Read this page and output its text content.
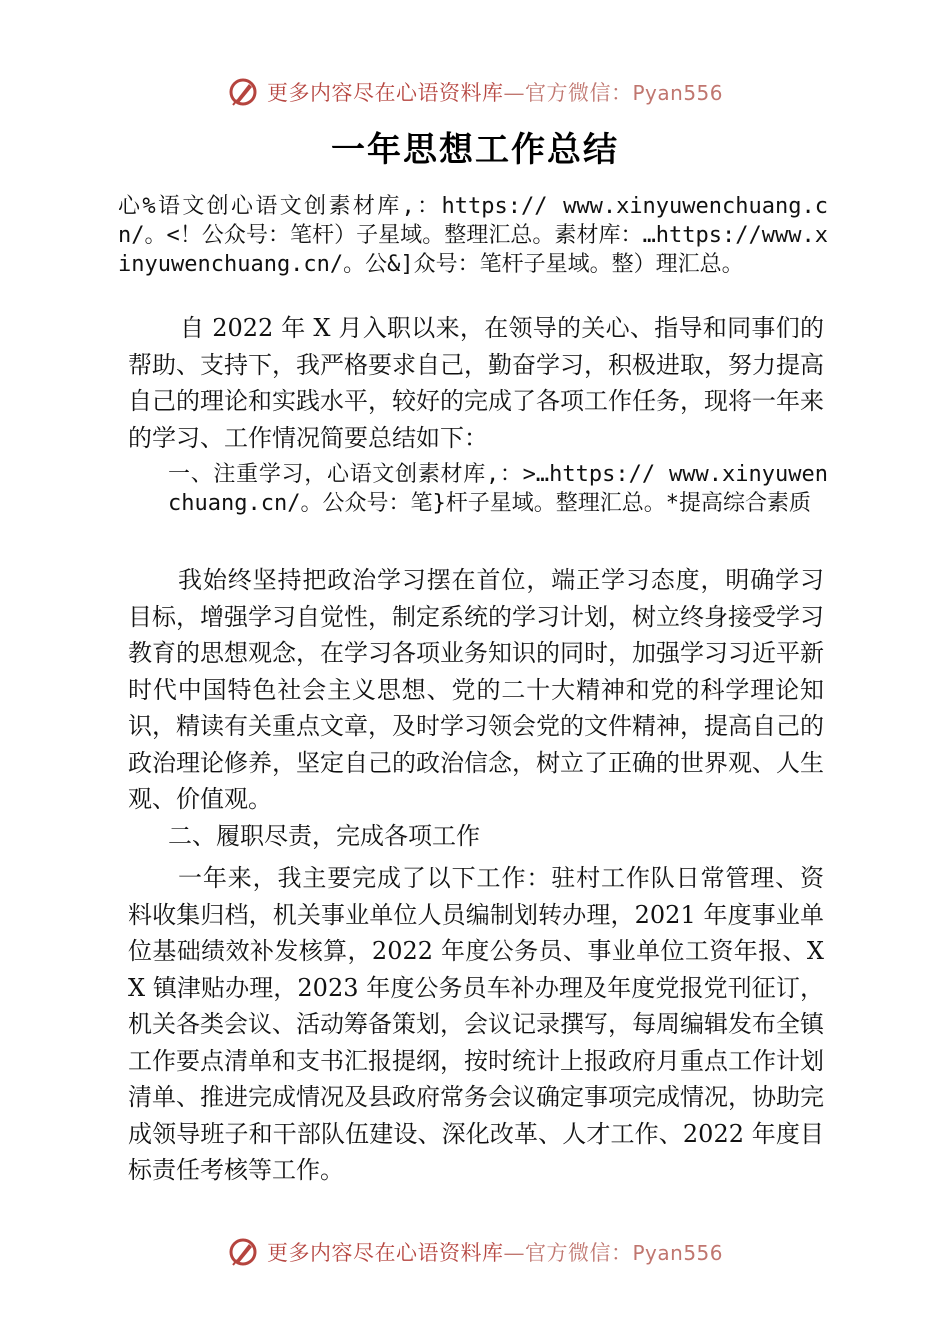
更多内容尽在心语资料库—官方微信：Pyan556
一年思想工作总结

心%语文创心语文创素材库,：https:// www.xinyuwenchuang.cn/。<！公众号：笔杆）子星域。整理汇总。素材库：…https://www.xinyuwenchuang.cn/。公&]众号：笔杆子星域。整）理汇总。

自 2022 年 X 月入职以来，在领导的关心、指导和同事们的帮助、支持下，我严格要求自己，勤奋学习，积极进取，努力提高自己的理论和实践水平，较好的完成了各项工作任务，现将一年来的学习、工作情况简要总结如下：

一、注重学习，心语文创素材库,：>…https:// www.xinyuwenchuang.cn/。公众号：笔}杆子星域。整理汇总。*提高综合素质

我始终坚持把政治学习摆在首位，端正学习态度，明确学习目标，增强学习自觉性，制定系统的学习计划，树立终身接受学习教育的思想观念，在学习各项业务知识的同时，加强学习习近平新时代中国特色社会主义思想、党的二十大精神和党的科学理论知识，精读有关重点文章，及时学习领会党的文件精神，提高自己的政治理论修养，坚定自己的政治信念，树立了正确的世界观、人生观、价值观。

二、履职尽责，完成各项工作

一年来，我主要完成了以下工作：驻村工作队日常管理、资料收集归档，机关事业单位人员编制划转办理，2021 年度事业单位基础绩效补发核算，2022 年度公务员、事业单位工资年报、XX 镇津贴办理，2023 年度公务员车补办理及年度党报党刊征订，机关各类会议、活动筹备策划，会议记录撰写，每周编辑发布全镇工作要点清单和支书汇报提纲，按时统计上报政府月重点工作计划清单、推进完成情况及县政府常务会议确定事项完成情况，协助完成领导班子和干部队伍建设、深化改革、人才工作、2022 年度目标责任考核等工作。

更多内容尽在心语资料库—官方微信：Pyan556
